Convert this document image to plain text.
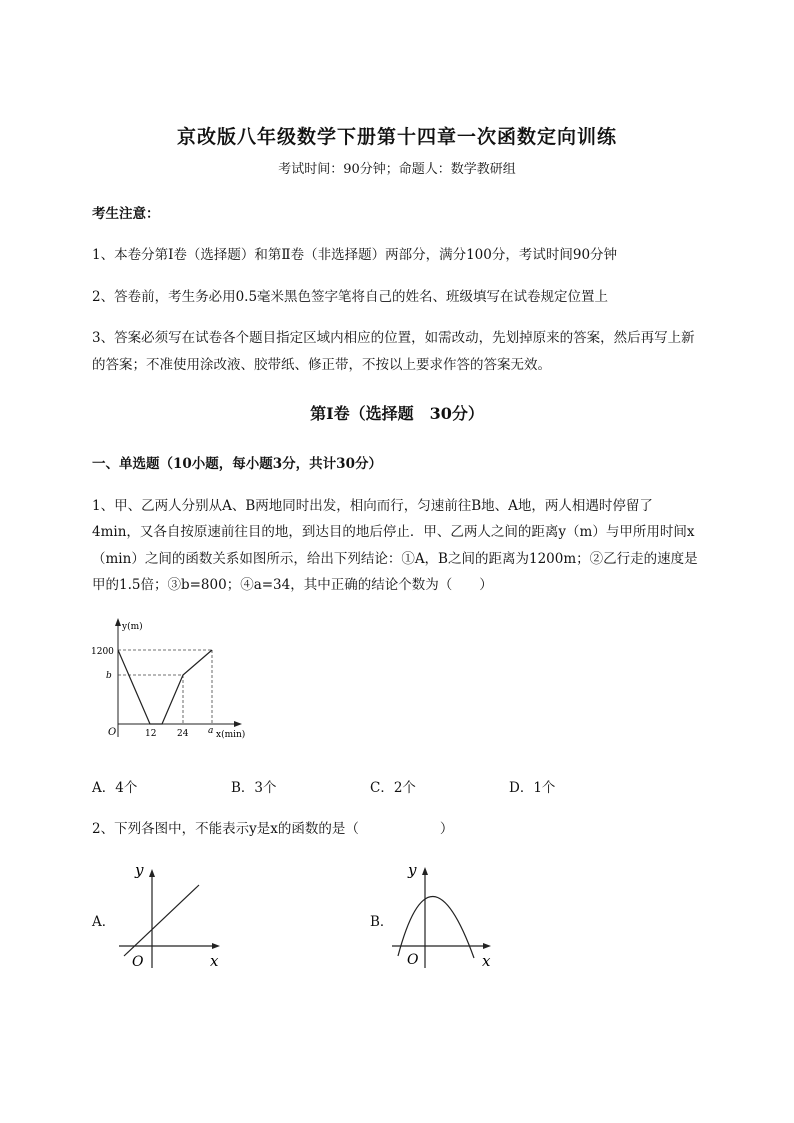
京改版八年级数学下册第十四章一次函数定向训练
考试时间：90分钟；命题人：数学教研组
考生注意：
1、本卷分第I卷（选择题）和第Ⅱ卷（非选择题）两部分，满分100分，考试时间90分钟
2、答卷前，考生务必用0.5毫米黑色签字笔将自己的姓名、班级填写在试卷规定位置上
3、答案必须写在试卷各个题目指定区域内相应的位置，如需改动，先划掉原来的答案，然后再写上新
的答案；不准使用涂改液、胶带纸、修正带，不按以上要求作答的答案无效。
第I卷（选择题　30分）
一、单选题（10小题，每小题3分，共计30分）
1、甲、乙两人分别从A、B两地同时出发，相向而行，匀速前往B地、A地，两人相遇时停留了
4min，又各自按原速前往目的地，到达目的地后停止．甲、乙两人之间的距离y（m）与甲所用时间x
（min）之间的函数关系如图所示，给出下列结论：①A，B之间的距离为1200m；②乙行走的速度是
甲的1.5倍；③b=800；④a=34，其中正确的结论个数为（　　）
y(m)
1200
b
O	12 24 a x(min)
A．4个	B．3个	C．2个	D．1个
2、下列各图中，不能表示y是x的函数的是（　　　　　　）
A．
y
x
O
B．
y
x
O
